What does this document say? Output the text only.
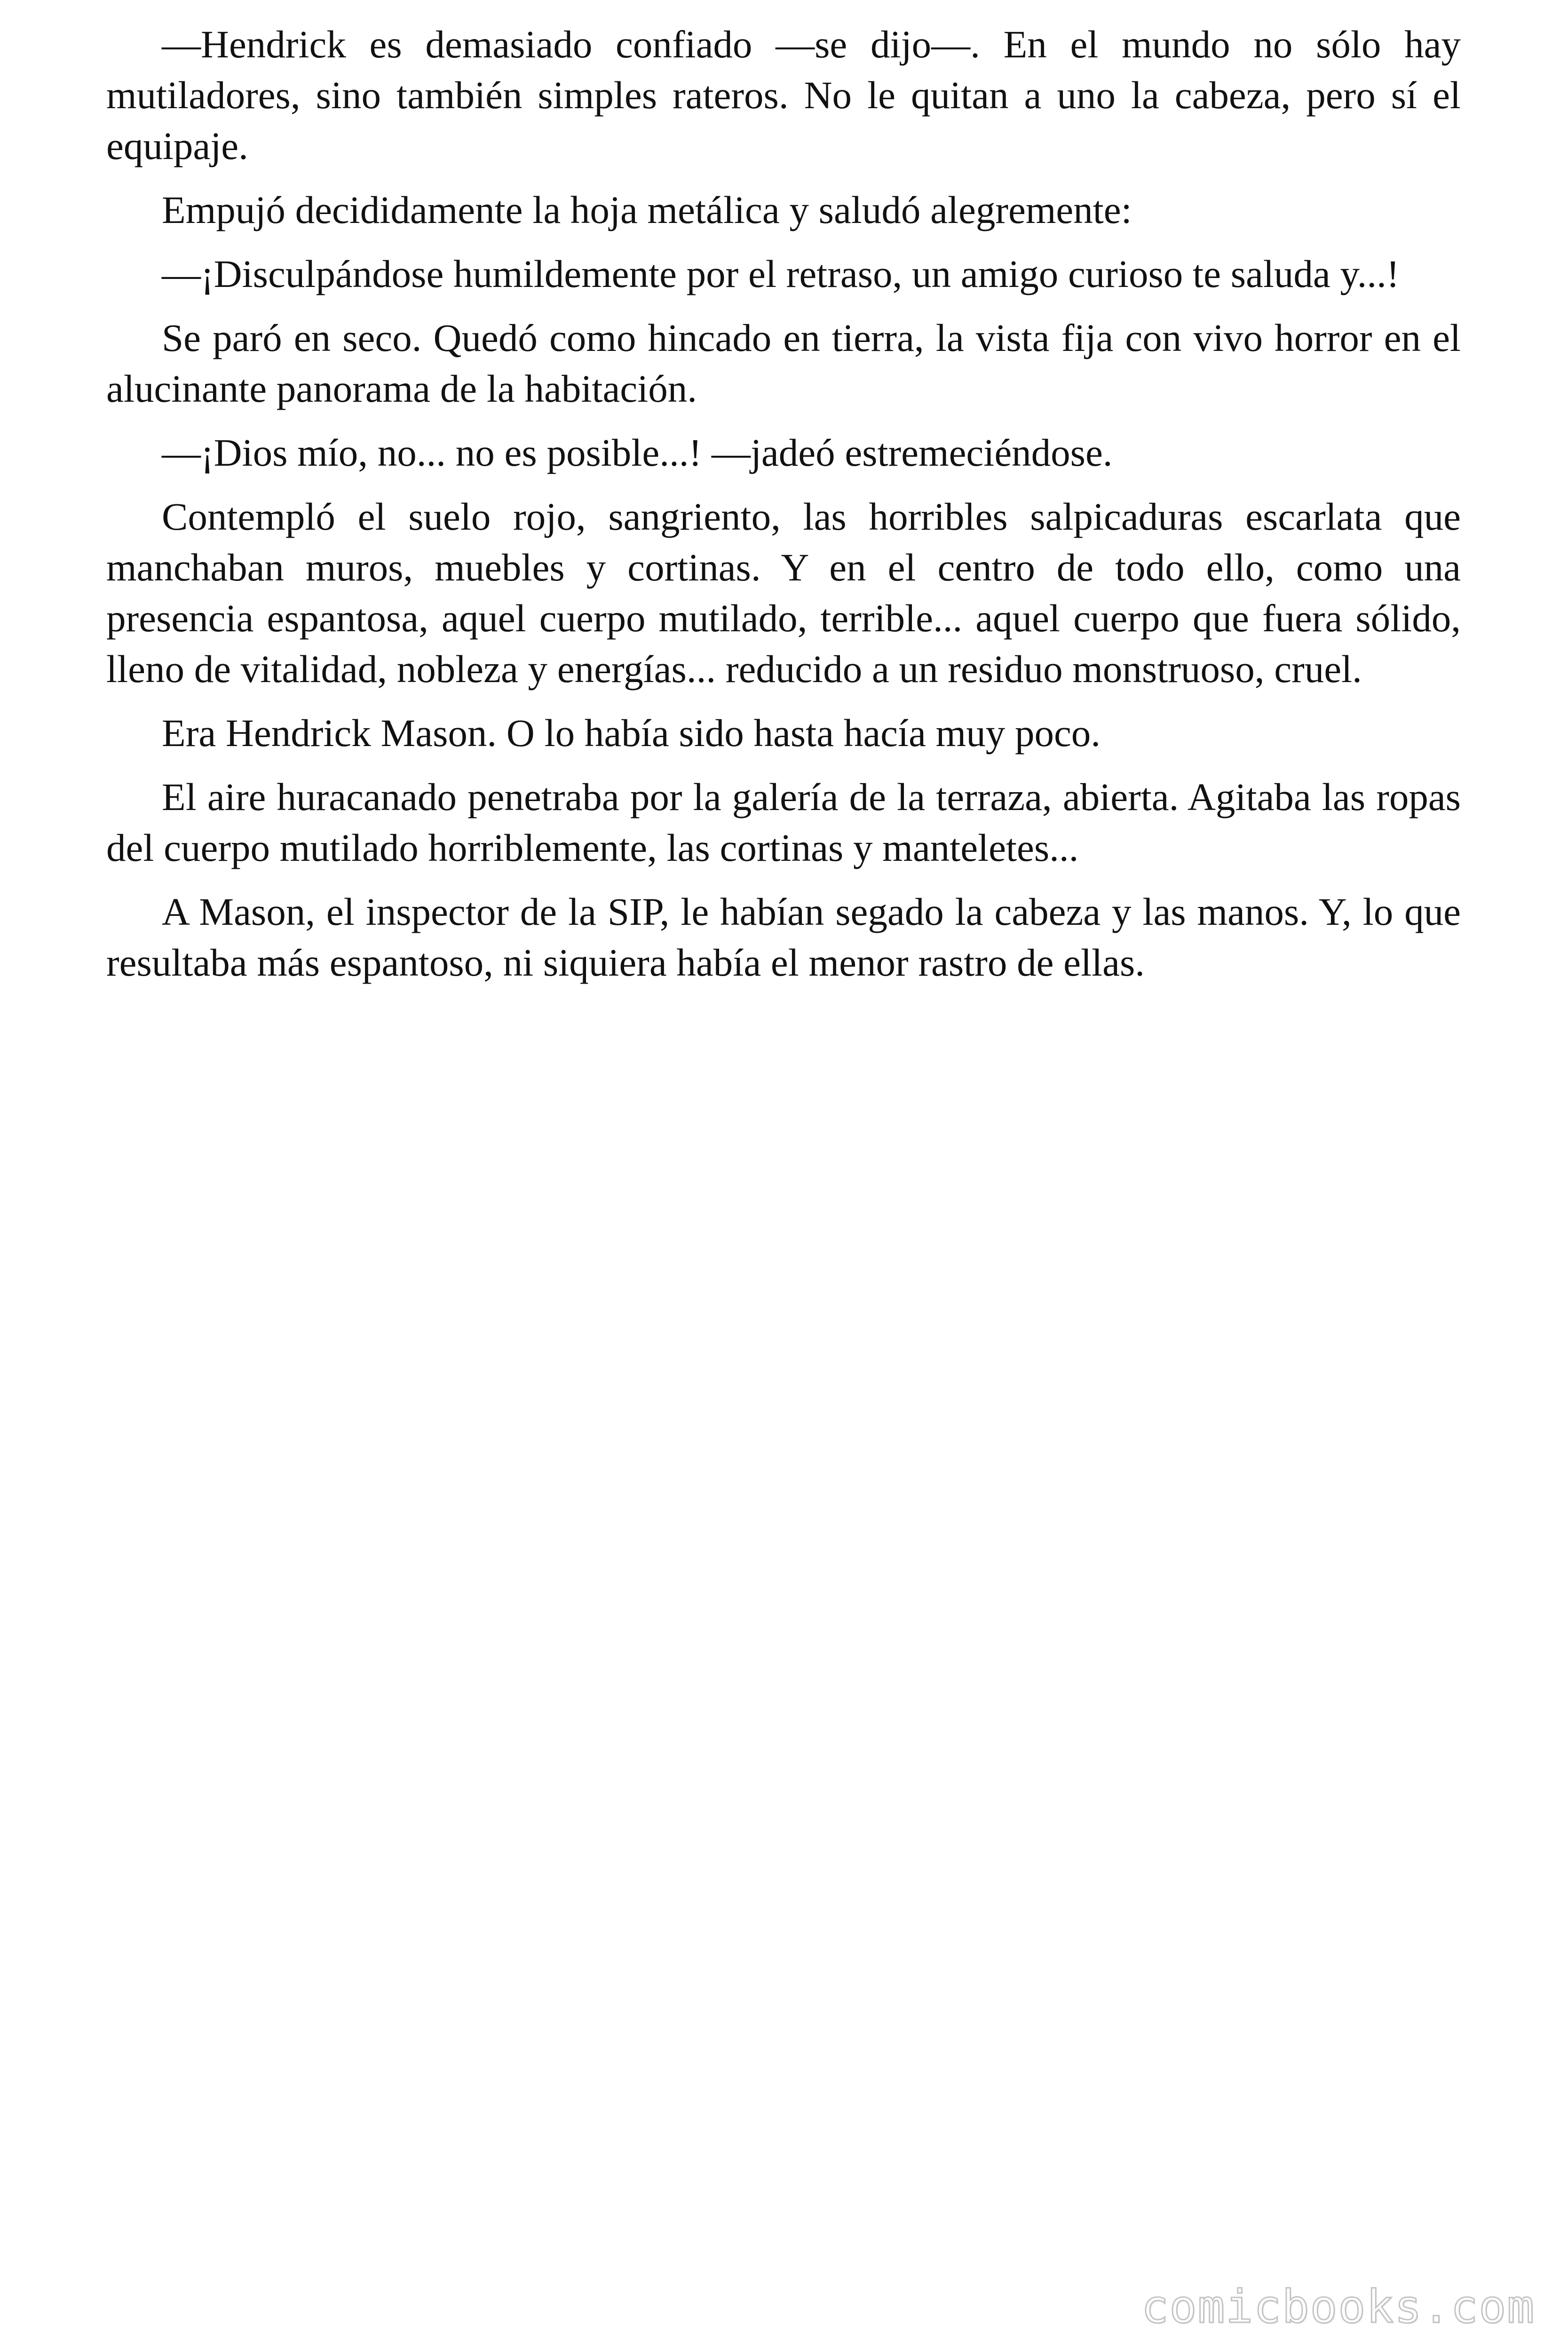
—Hendrick es demasiado confiado —se dijo—. En el mundo no sólo hay mutiladores, sino también simples rateros. No le quitan a uno la cabeza, pero sí el equipaje.

Empujó decididamente la hoja metálica y saludó alegremente:

—¡Disculpándose humildemente por el retraso, un amigo curioso te saluda y...!

Se paró en seco. Quedó como hincado en tierra, la vista fija con vivo horror en el alucinante panorama de la habitación.

—¡Dios mío, no... no es posible...! —jadeó estremeciéndose.

Contempló el suelo rojo, sangriento, las horribles salpicaduras escarlata que manchaban muros, muebles y cortinas. Y en el centro de todo ello, como una presencia espantosa, aquel cuerpo mutilado, terrible... aquel cuerpo que fuera sólido, lleno de vitalidad, nobleza y energías... reducido a un residuo monstruoso, cruel.

Era Hendrick Mason. O lo había sido hasta hacía muy poco.

El aire huracanado penetraba por la galería de la terraza, abierta. Agitaba las ropas del cuerpo mutilado horriblemente, las cortinas y manteletes...

A Mason, el inspector de la SIP, le habían segado la cabeza y las manos. Y, lo que resultaba más espantoso, ni siquiera había el menor rastro de ellas.

comicbooks.com
